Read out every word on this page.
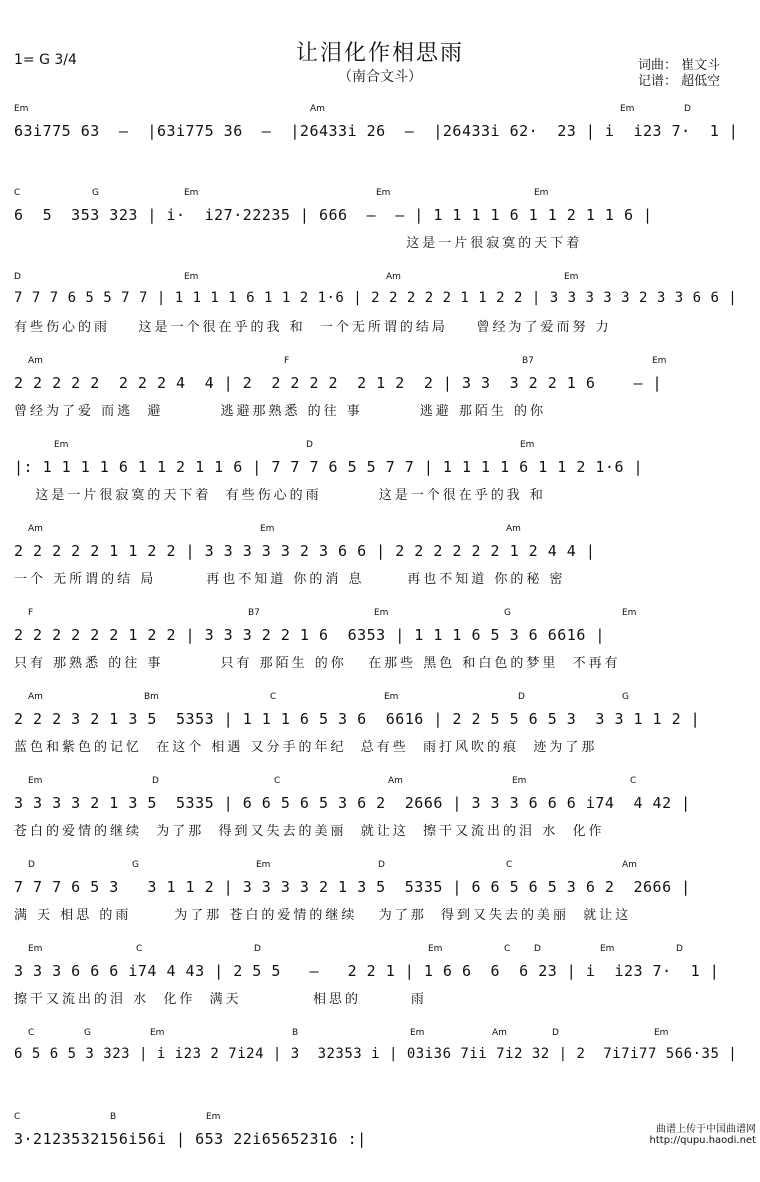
1= G 3/4	让泪化作相思雨
（南合文斗）
词曲： 崔文斗
记谱： 超低空
Em	Am	Em	D
63i775 63  —  |63i775 36  —  |26433i 26  —  |26433i 62·  23 | i  i23 7·  1 |
C	G	Em	Em	Em
6  5  353 323 | i·  i27·22235 | 666  —  — | 1 1 1 1 6 1 1 2 1 1 6 |
这是一片很寂寞的天下着
D	Em	Am	Em
7 7 7 6 5 5 7 7 | 1 1 1 1 6 1 1 2 1·6 | 2 2 2 2 2 1 1 2 2 | 3 3 3 3 3 2 3 3 6 6 |
有些伤心的雨    这是一个很在乎的我 和  一个无所谓的结局    曾经为了爱而努 力
Am	F	B7	Em
2 2 2 2 2  2 2 2 4  4 | 2  2 2 2 2  2 1 2  2 | 3 3  3 2 2 1 6    — |
曾经为了爱 而逃  避        逃避那熟悉 的往 事        逃避 那陌生 的你
Em	D	Em
|: 1 1 1 1 6 1 1 2 1 1 6 | 7 7 7 6 5 5 7 7 | 1 1 1 1 6 1 1 2 1·6 |
这是一片很寂寞的天下着  有些伤心的雨        这是一个很在乎的我 和
Am	Em	Am
2 2 2 2 2 1 1 2 2 | 3 3 3 3 3 2 3 6 6 | 2 2 2 2 2 2 1 2 4 4 |
一个 无所谓的结 局       再也不知道 你的消 息      再也不知道 你的秘 密
F	B7	Em	G	Em
2 2 2 2 2 2 1 2 2 | 3 3 3 2 2 1 6  6353 | 1 1 1 6 5 3 6 6616 |
只有 那熟悉 的往 事        只有 那陌生 的你   在那些 黑色 和白色的梦里  不再有
Am	Bm	C	Em	D	G
2 2 2 3 2 1 3 5  5353 | 1 1 1 6 5 3 6  6616 | 2 2 5 5 6 5 3  3 3 1 1 2 |
蓝色和紫色的记忆  在这个 相遇 又分手的年纪  总有些  雨打风吹的痕  迹为了那
Em	D	C	Am	Em	C
3 3 3 3 2 1 3 5  5335 | 6 6 5 6 5 3 6 2  2666 | 3 3 3 6 6 6 i74  4 42 |
苍白的爱情的继续  为了那  得到又失去的美丽  就让这  擦干又流出的泪 水  化作
D	G	Em	D	C	Am
7 7 7 6 5 3   3 1 1 2 | 3 3 3 3 2 1 3 5  5335 | 6 6 5 6 5 3 6 2  2666 |
满 天 相思 的雨      为了那 苍白的爱情的继续   为了那  得到又失去的美丽  就让这
Em	C	D	Em	C	D	Em	D
3 3 3 6 6 6 i74 4 43 | 2 5 5   —   2 2 1 | 1 6 6  6  6 23 | i  i23 7·  1 |
擦干又流出的泪 水  化作  满天          相思的       雨
C	G	Em	B	Em	Am	D	Em
6 5 6 5 3 323 | i i23 2 7i24 | 3  32353 i | 03i36 7ii 7i2 32 | 2  7i7i77 566·35 |
C	B	Em
3·2123532156i56i | 653 22i65652316 :|
曲谱上传于中国曲谱网
http://qupu.haodi.net
